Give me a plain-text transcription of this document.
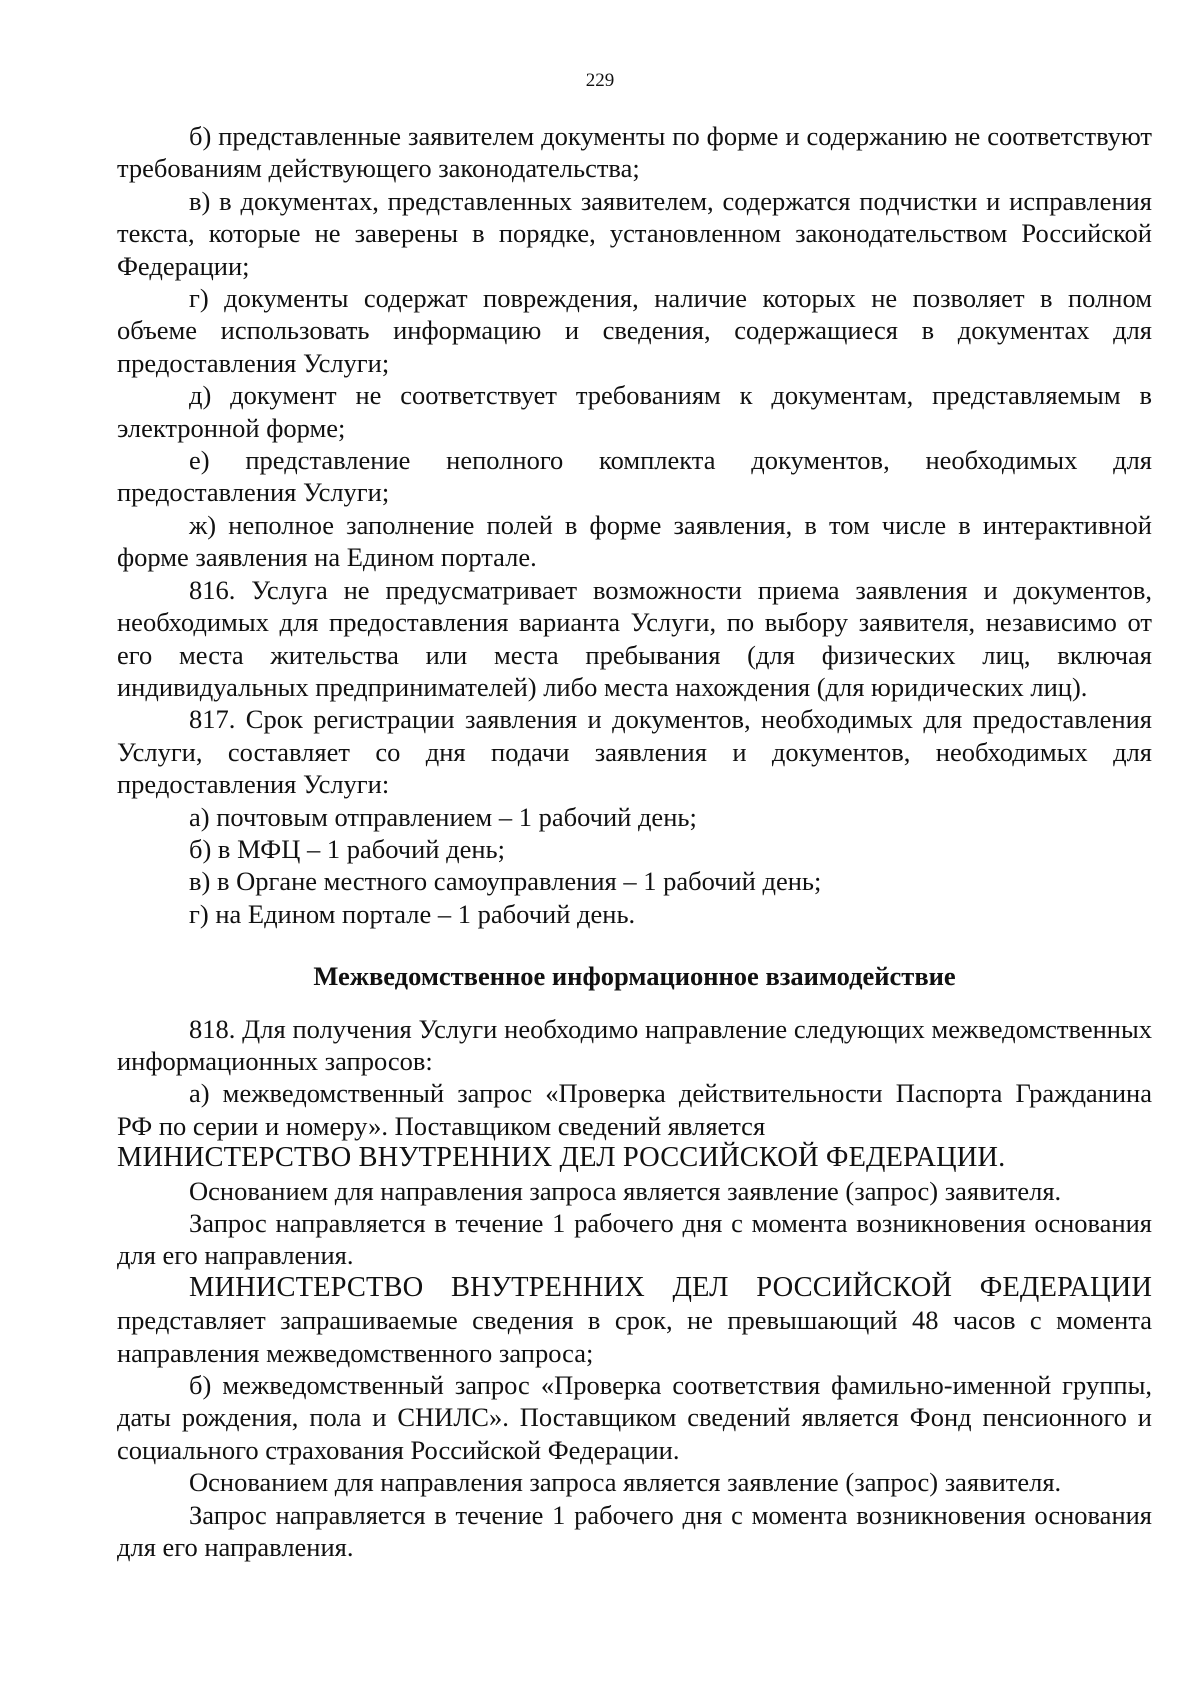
229

б) представленные заявителем документы по форме и содержанию не соответствуют требованиям действующего законодательства;

в) в документах, представленных заявителем, содержатся подчистки и исправления текста, которые не заверены в порядке, установленном законодательством Российской Федерации;

г) документы содержат повреждения, наличие которых не позволяет в полном объеме использовать информацию и сведения, содержащиеся в документах для предоставления Услуги;

д) документ не соответствует требованиям к документам, представляемым в электронной форме;

е) представление неполного комплекта документов, необходимых для предоставления Услуги;

ж) неполное заполнение полей в форме заявления, в том числе в интерактивной форме заявления на Едином портале.

816. Услуга не предусматривает возможности приема заявления и документов, необходимых для предоставления варианта Услуги, по выбору заявителя, независимо от его места жительства или места пребывания (для физических лиц, включая индивидуальных предпринимателей) либо места нахождения (для юридических лиц).

817. Срок регистрации заявления и документов, необходимых для предоставления Услуги, составляет со дня подачи заявления и документов, необходимых для предоставления Услуги:

а) почтовым отправлением – 1 рабочий день;

б) в МФЦ – 1 рабочий день;

в) в Органе местного самоуправления – 1 рабочий день;

г) на Едином портале – 1 рабочий день.

Межведомственное информационное взаимодействие

818. Для получения Услуги необходимо направление следующих межведомственных информационных запросов:

а) межведомственный запрос «Проверка действительности Паспорта Гражданина РФ по серии и номеру». Поставщиком сведений является

МИНИСТЕРСТВО ВНУТРЕННИХ ДЕЛ РОССИЙСКОЙ ФЕДЕРАЦИИ.

Основанием для направления запроса является заявление (запрос) заявителя.

Запрос направляется в течение 1 рабочего дня с момента возникновения основания для его направления.

МИНИСТЕРСТВО ВНУТРЕННИХ ДЕЛ РОССИЙСКОЙ ФЕДЕРАЦИИ

представляет запрашиваемые сведения в срок, не превышающий 48 часов с момента направления межведомственного запроса;

б) межведомственный запрос «Проверка соответствия фамильно-именной группы, даты рождения, пола и СНИЛС». Поставщиком сведений является Фонд пенсионного и социального страхования Российской Федерации.

Основанием для направления запроса является заявление (запрос) заявителя.

Запрос направляется в течение 1 рабочего дня с момента возникновения основания для его направления.
